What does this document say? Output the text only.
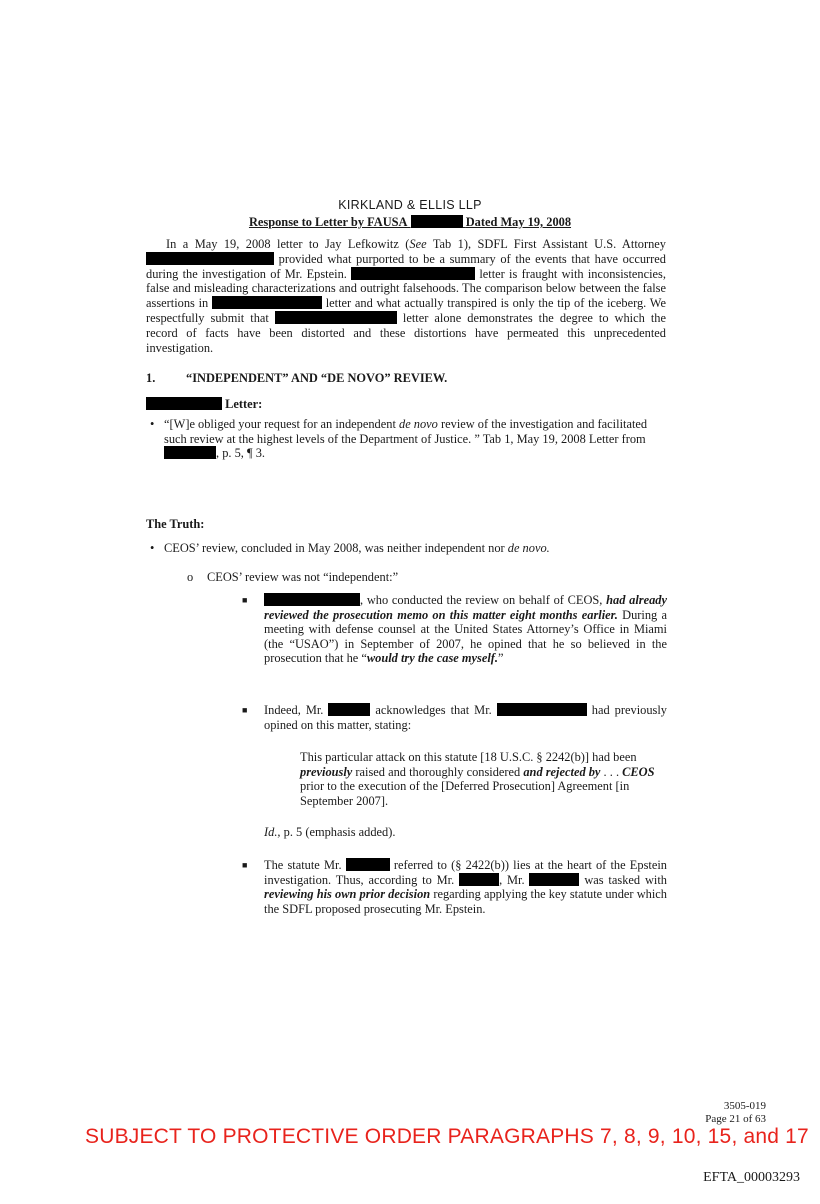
KIRKLAND & ELLIS LLP
Response to Letter by FAUSA	Dated May 19, 2008

In a May 19, 2008 letter to Jay Lefkowitz (See Tab 1), SDFL First Assistant U.S. Attorney  provided what purported to be a summary of the events that have occurred during the investigation of Mr. Epstein.	letter is fraught with inconsistencies, false and misleading characterizations and outright falsehoods. The comparison below between the false assertions in	letter and what actually transpired is only the tip of the iceberg. We respectfully submit that	letter alone demonstrates the degree to which the record of facts have been distorted and these distortions have permeated this unprecedented investigation.

1. “INDEPENDENT” AND “DE NOVO” REVIEW.
Letter:
• “[W]e obliged your request for an independent de novo review of the investigation and facilitated such review at the highest levels of the Department of Justice. ” Tab 1, May 19, 2008 Letter from , p. 5, ¶ 3.
The Truth:
• CEOS’ review, concluded in May 2008, was neither independent nor de novo.
o CEOS’ review was not “independent:”
■	, who conducted the review on behalf of CEOS, had already reviewed the prosecution memo on this matter eight months earlier. During a meeting with defense counsel at the United States Attorney’s Office in Miami (the “USAO”) in September of 2007, he opined that he so believed in the prosecution that he “would try the case myself.”
■ Indeed, Mr.	acknowledges that Mr.	had previously opined on this matter, stating:
This particular attack on this statute [18 U.S.C. § 2242(b)] had been previously raised and thoroughly considered and rejected by . . . CEOS prior to the execution of the [Deferred Prosecution] Agreement [in September 2007].
Id., p. 5 (emphasis added).
■ The statute Mr.	referred to (§ 2422(b)) lies at the heart of the Epstein investigation. Thus, according to Mr.	, Mr.	was tasked with reviewing his own prior decision regarding applying the key statute under which the SDFL proposed prosecuting Mr. Epstein.
3505-019
Page 21 of 63
SUBJECT TO PROTECTIVE ORDER PARAGRAPHS 7, 8, 9, 10, 15, and 17
EFTA_00003293
